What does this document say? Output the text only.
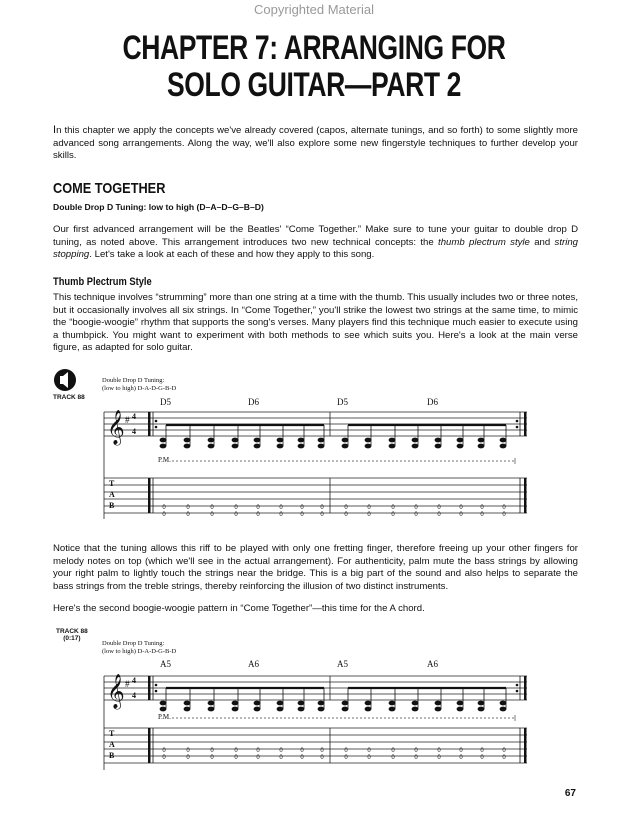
Copyrighted Material
CHAPTER 7: ARRANGING FOR
SOLO GUITAR—PART 2
In this chapter we apply the concepts we've already covered (capos, alternate tunings, and so forth) to some slightly more advanced song arrangements. Along the way, we'll also explore some new fingerstyle techniques to further develop your skills.
COME TOGETHER
Double Drop D Tuning: low to high (D–A–D–G–B–D)
Our first advanced arrangement will be the Beatles' “Come Together.” Make sure to tune your guitar to double drop D tuning, as noted above. This arrangement introduces two new technical concepts: the thumb plectrum style and string stopping. Let's take a look at each of these and how they apply to this song.
Thumb Plectrum Style
This technique involves “strumming” more than one string at a time with the thumb. This usually includes two or three notes, but it occasionally involves all six strings. In “Come Together,” you'll strike the lowest two strings at the same time, to mimic the “boogie-woogie” rhythm that supports the song's verses. Many players find this technique much easier to execute using a thumbpick. You might want to experiment with both methods to see which suits you. Here's a look at the main verse figure, as adapted for solo guitar.
𝄞 # 4
4
0
0
0
0
0
0
0
0
0
0
0
0
0
0
0
0
0
0
0
0
0
0
0
0
0
0
0
0
0
0
0
0
TRACK 88
Double Drop D Tuning:
(low to high) D-A-D-G-B-D
D5	D6	D5	D6
P.M.
T
A
B
Notice that the tuning allows this riff to be played with only one fretting finger, therefore freeing up your other fingers for melody notes on top (which we'll see in the actual arrangement). For authenticity, palm mute the bass strings by allowing your right palm to lightly touch the strings near the bridge. This is a big part of the sound and also helps to separate the bass strings from the treble strings, thereby reinforcing the illusion of two distinct instruments.
Here's the second boogie-woogie pattern in “Come Together”—this time for the A chord.
𝄞 # 4
4
0
0
0
0
0
0
0
0
0
0
0
0
0
0
0
0
0
0
0
0
0
0
0
0
0
0
0
0
0
0
0
0
TRACK 88
(0:17)
Double Drop D Tuning:
(low to high) D-A-D-G-B-D
A5	A6	A5	A6
P.M.
T
A
B
67
